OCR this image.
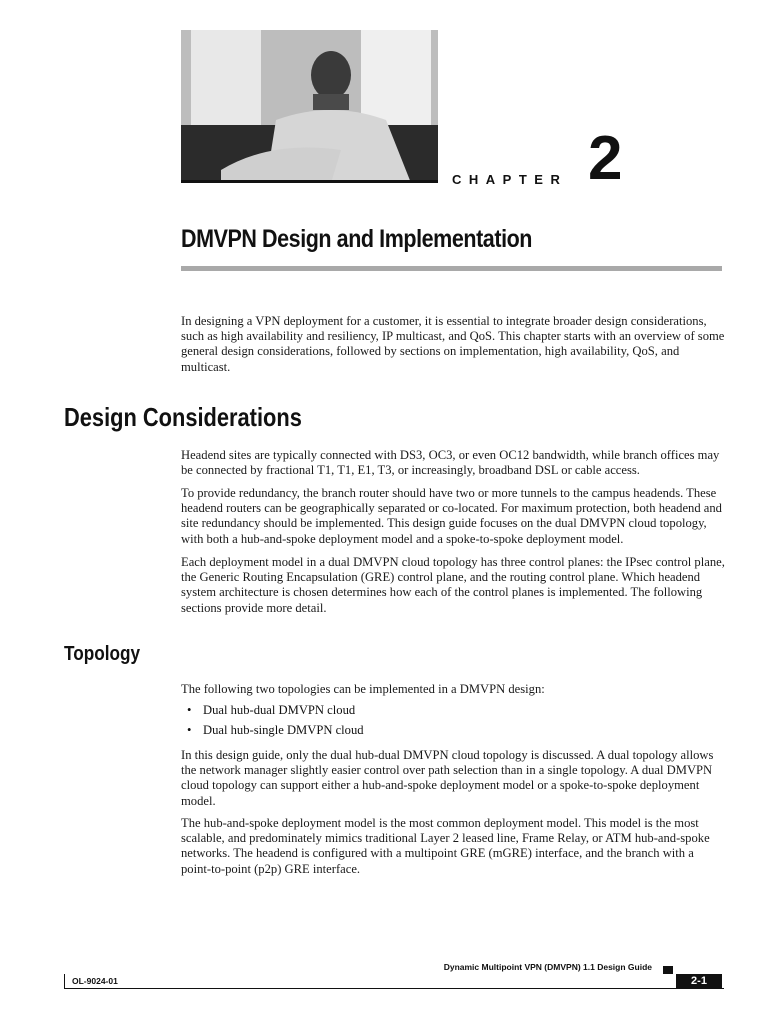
CHAPTER 2
DMVPN Design and Implementation

In designing a VPN deployment for a customer, it is essential to integrate broader design considerations, such as high availability and resiliency, IP multicast, and QoS. This chapter starts with an overview of some general design considerations, followed by sections on implementation, high availability, QoS, and multicast.

Design Considerations

Headend sites are typically connected with DS3, OC3, or even OC12 bandwidth, while branch offices may be connected by fractional T1, T1, E1, T3, or increasingly, broadband DSL or cable access.

To provide redundancy, the branch router should have two or more tunnels to the campus headends. These headend routers can be geographically separated or co-located. For maximum protection, both headend and site redundancy should be implemented. This design guide focuses on the dual DMVPN cloud topology, with both a hub-and-spoke deployment model and a spoke-to-spoke deployment model.

Each deployment model in a dual DMVPN cloud topology has three control planes: the IPsec control plane, the Generic Routing Encapsulation (GRE) control plane, and the routing control plane. Which headend system architecture is chosen determines how each of the control planes is implemented. The following sections provide more detail.

Topology

The following two topologies can be implemented in a DMVPN design:

• Dual hub-dual DMVPN cloud
• Dual hub-single DMVPN cloud

In this design guide, only the dual hub-dual DMVPN cloud topology is discussed. A dual topology allows the network manager slightly easier control over path selection than in a single topology. A dual DMVPN cloud topology can support either a hub-and-spoke deployment model or a spoke-to-spoke deployment model.

The hub-and-spoke deployment model is the most common deployment model. This model is the most scalable, and predominately mimics traditional Layer 2 leased line, Frame Relay, or ATM hub-and-spoke networks. The headend is configured with a multipoint GRE (mGRE) interface, and the branch with a point-to-point (p2p) GRE interface.

Dynamic Multipoint VPN (DMVPN) 1.1 Design Guide
OL-9024-01	2-1
